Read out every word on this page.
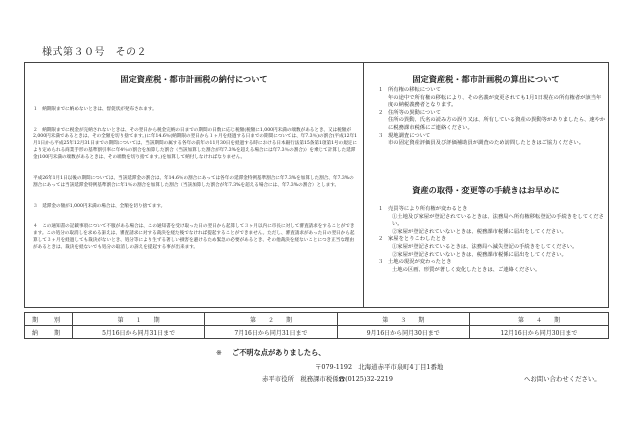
様式第３０号　その２
固定資産税・都市計画税の納付について

１　納期限までに納めないときは、督促状が発布されます。

２　納期限までに税金が完納されないときは、その翌日から税金完納の日までの期間の日数に応じ税額(税額に1,000円未満の端数があるとき、又は税額が2,000円未満であるときは、その全額を切り捨てます。)に年14.6％(納期限の翌日から１ヶ月を経過する日までの期間については、年7.3％)の割合(平成12年1月1日から平成25年12月31日までの期間については、当該期間の属する各年の前年の11月30日を経過する時における日本銀行法第15条第1項第1号の規定により定められる商業手形の基準割引率に年4％の割合を加算した割合（当該加算した割合が年7.3%を超える場合には年7.3％の割合)）を乗じて計算した延滞金(100円未満の端数があるときは、その端数を切り捨てます。)を加算して納付しなければなりません。

平成26年1月1日以後の期間については、当該延滞金の割合は、年14.6％の割合にあっては各年の延滞金特例基準割合に年7.3%を加算した割合、年7.3%の割合にあっては当該延滞金特例基準割合に年1％の割合を加算した割合（当該加算した割合が年7.3%を超える場合には、年7.3%の割合）とします。

３　延滞金の額が1,000円未満の場合は、全額を切り捨てます。

４　この通知書の記載事項について不服がある場合は、この通知書を受け取った日の翌日から起算して３ヶ月以内に市長に対して審査請求をすることができます。この処分の取消しを求める訴えは、審査請求に対する裁決を経た後でなければ提起することができません。ただし、審査請求があった日の翌日から起算して３ヶ月を経過しても裁決がないとき、処分等により生ずる著しい損害を避けるため緊急の必要があるとき、その他裁決を経ないことにつき正当な理由があるときは、裁決を経ないでも処分の取消しの訴えを提起する事が出来ます。

固定資産税・都市計画税の算出について
１ 所有権の移転について
年の途中で所有権の移転により、その名義が変更されても1月1日現在の所有権者が該当年度の納税義務者となります。
２ 住所等の異動について
住所の異動、氏名の読み方の誤り又は、所有している資産の異動等がありましたら、速やかに税務課市税係にご連絡ください。
３ 現地調査について
市の固定資産評価員及び評価補助員が調査のため訪問したときはご協力ください。
資産の取得・変更等の手続きはお早めに
１ 売買等により所有権が変わるとき
①土地及び家屋が登記されているときは、法務局へ所有権移転登記の手続きをしてください。
②家屋が登記されていないときは、税務課市税係に届出をしてください。
２ 家屋をとりこわしたとき
①家屋が登記されているときは、法務局へ滅失登記の手続きをしてください。
②家屋が登記されていないときは、税務課市税係に届出をしてください。
３ 土地の現況が変わったとき
土地の区画、形質が著しく変化したときは、ご連絡ください。
期　別	第　　１　　期	第　　２　　期	第　　３　　期	第　　４　　期
納　期	5月16日から同月31日まで	7月16日から同月31日まで	9月16日から同月30日まで	12月16日から同月30日まで
※ ご不明な点がありましたら、
〒079-1192　北海道赤平市泉町4丁目1番地
赤平市役所　税務課市税係☎(0125)32-2219	へお問い合わせください。
